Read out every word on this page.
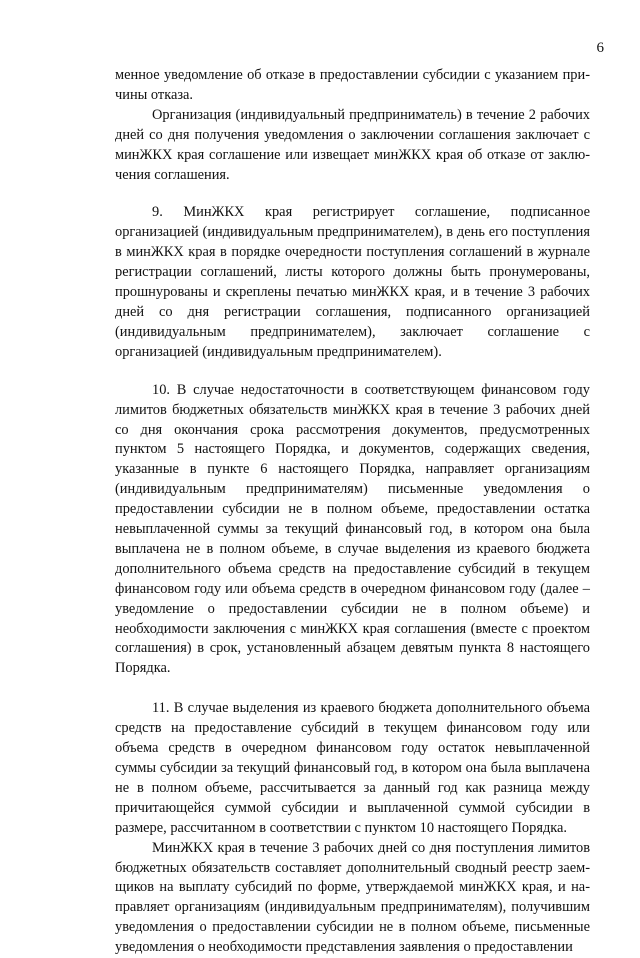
6

менное уведомление об отказе в предоставлении субсидии с указанием причины отказа.

Организация (индивидуальный предприниматель) в течение 2 рабочих дней со дня получения уведомления о заключении соглашения заключает с минЖКХ края соглашение или извещает минЖКХ края об отказе от заключения соглашения.

9. МинЖКХ края регистрирует соглашение, подписанное организацией (индивидуальным предпринимателем), в день его поступления в минЖКХ края в порядке очередности поступления соглашений в журнале регистрации соглашений, листы которого должны быть пронумерованы, прошнурованы и скреплены печатью минЖКХ края, и в течение 3 рабочих дней со дня регистрации соглашения, подписанного организацией (индивидуальным предпринимателем), заключает соглашение с организацией (индивидуальным предпринимателем).

10. В случае недостаточности в соответствующем финансовом году лимитов бюджетных обязательств минЖКХ края в течение 3 рабочих дней со дня окончания срока рассмотрения документов, предусмотренных пунктом 5 настоящего Порядка, и документов, содержащих сведения, указанные в пункте 6 настоящего Порядка, направляет организациям (индивидуальным предпринимателям) письменные уведомления о предоставлении субсидии не в полном объеме, предоставлении остатка невыплаченной суммы за текущий финансовый год, в котором она была выплачена не в полном объеме, в случае выделения из краевого бюджета дополнительного объема средств на предоставление субсидий в текущем финансовом году или объема средств в очередном финансовом году (далее – уведомление о предоставлении субсидии не в полном объеме) и необходимости заключения с минЖКХ края соглашения (вместе с проектом соглашения) в срок, установленный абзацем девятым пункта 8 настоящего Порядка.

11. В случае выделения из краевого бюджета дополнительного объема средств на предоставление субсидий в текущем финансовом году или объема средств в очередном финансовом году остаток невыплаченной суммы субсидии за текущий финансовый год, в котором она была выплачена не в полном объеме, рассчитывается за данный год как разница между причитающейся суммой субсидии и выплаченной суммой субсидии в размере, рассчитанном в соответствии с пунктом 10 настоящего Порядка.

МинЖКХ края в течение 3 рабочих дней со дня поступления лимитов бюджетных обязательств составляет дополнительный сводный реестр заемщиков на выплату субсидий по форме, утверждаемой минЖКХ края, и направляет организациям (индивидуальным предпринимателям), получившим уведомления о предоставлении субсидии не в полном объеме, письменные уведомления о необходимости представления заявления о предоставлении
